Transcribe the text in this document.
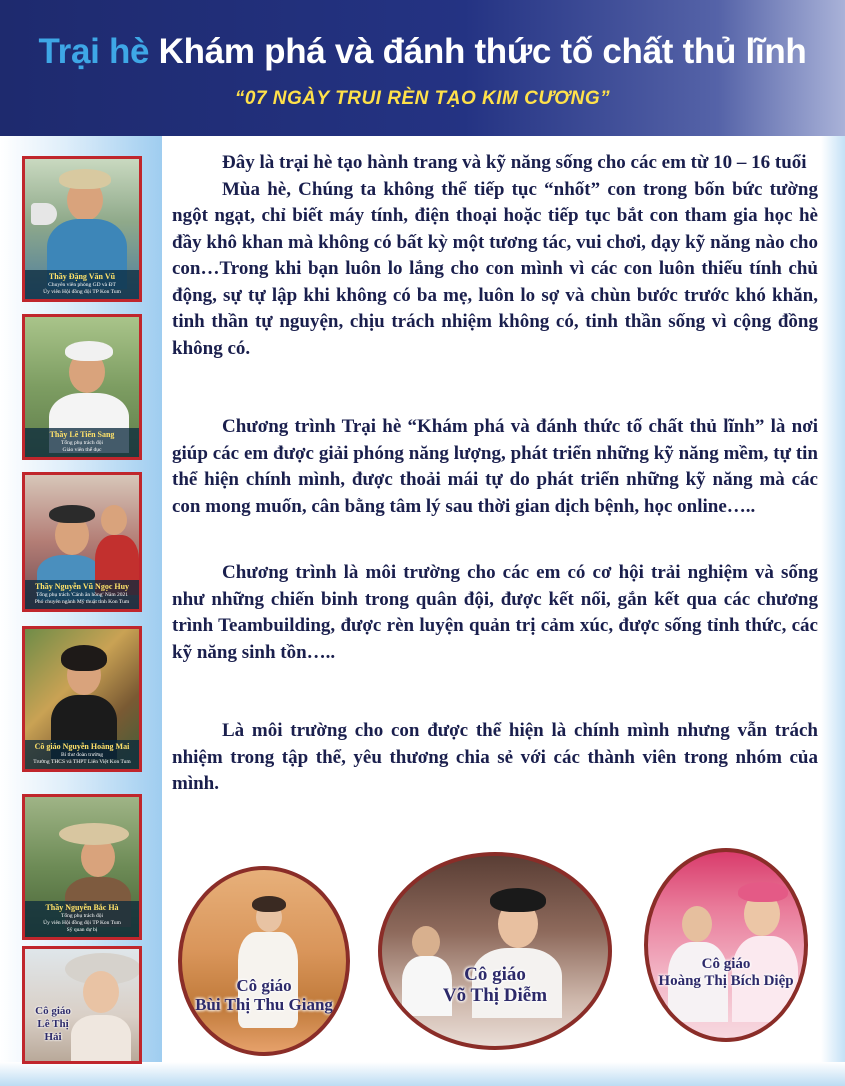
Trại hè Khám phá và đánh thức tố chất thủ lĩnh
“07 NGÀY TRUI RÈN TẠO KIM CƯƠNG”
Thầy Đặng Văn Vũ
Chuyên viên phòng GD và ĐT
Ủy viên Hội đồng đội TP Kon Tum
Thầy Lê Tiến Sang
Tổng phụ trách đội
Giáo viên thể dục
Thầy Nguyễn Vũ Ngọc Huy
Tổng phụ trách 'Cánh ăn hồng' Năm 2021
Phó chuyên ngành Mỹ thuật tỉnh Kon Tum
Cô giáo Nguyễn Hoàng Mai
Bí thư đoàn trường
Trường THCS và THPT Liên Việt Kon Tum
Thầy Nguyễn Bắc Hà
Tổng phụ trách đội
Ủy viên Hội đồng đội TP Kon Tum
Sỹ quan dự bị
Cô giáo
Lê Thị Hải

Đây là trại hè tạo hành trang và kỹ năng sống cho các em từ 10 – 16 tuổi

Mùa hè, Chúng ta không thể tiếp tục “nhốt” con trong bốn bức tường ngột ngạt, chỉ biết máy tính, điện thoại hoặc tiếp tục bắt con tham gia học hè đầy khô khan mà không có bất kỳ một tương tác, vui chơi, dạy kỹ năng nào cho con…Trong khi bạn luôn lo lắng cho con mình vì các con luôn thiếu tính chủ động, sự tự lập khi không có ba mẹ, luôn lo sợ và chùn bước trước khó khăn, tinh thần tự nguyện, chịu trách nhiệm không có, tinh thần sống vì cộng đồng không có.

Chương trình Trại hè “Khám phá và đánh thức tố chất thủ lĩnh” là nơi giúp các em được giải phóng năng lượng, phát triển những kỹ năng mềm, tự tin thể hiện chính mình, được thoải mái tự do phát triển những kỹ năng mà các con mong muốn, cân bằng tâm lý sau thời gian dịch bệnh, học online…..

Chương trình là môi trường cho các em có cơ hội trải nghiệm và sống như những chiến binh trong quân đội, được kết nối, gắn kết qua các chương trình Teambuilding, được rèn luyện quản trị cảm xúc, được sống tỉnh thức, các kỹ năng sinh tồn…..

Là môi trường cho con được thể hiện là chính mình nhưng vẫn trách nhiệm trong tập thể, yêu thương chia sẻ với các thành viên trong nhóm của mình.

Cô giáo
Bùi Thị Thu Giang
Cô giáo
Võ Thị Diễm
Cô giáo
Hoàng Thị Bích Diệp
